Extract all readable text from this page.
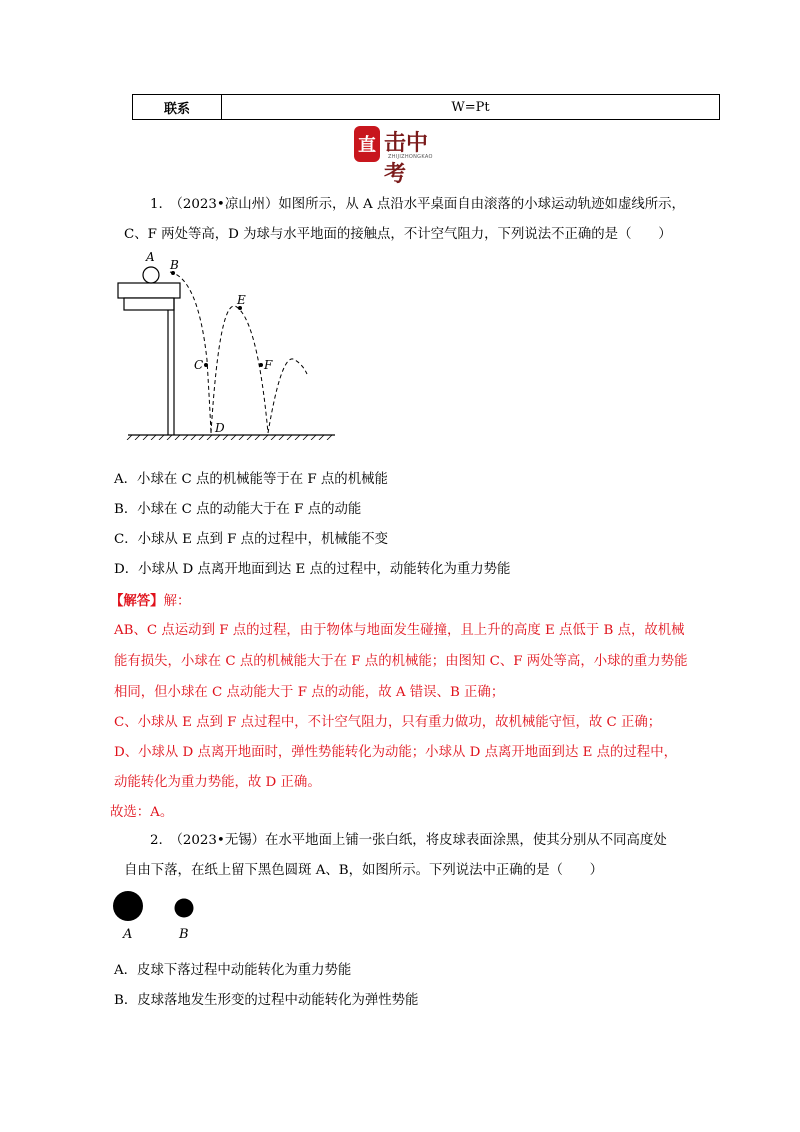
联系	W=Pt
直 击中考
ZHIJIZHONGKAO
1.　（2023•凉山州）如图所示，从 A 点沿水平桌面自由滚落的小球运动轨迹如虚线所示，
C、F 两处等高，D 为球与水平地面的接触点，不计空气阻力，下列说法不正确的是（　　）
A
B
C
D
E
F
A．小球在 C 点的机械能等于在 F 点的机械能
B．小球在 C 点的动能大于在 F 点的动能
C．小球从 E 点到 F 点的过程中，机械能不变
D．小球从 D 点离开地面到达 E 点的过程中，动能转化为重力势能
【解答】解：
AB、C 点运动到 F 点的过程，由于物体与地面发生碰撞，且上升的高度 E 点低于 B 点，故机械
能有损失，小球在 C 点的机械能大于在 F 点的机械能；由图知 C、F 两处等高，小球的重力势能
相同，但小球在 C 点动能大于 F 点的动能，故 A 错误、B 正确；
C、小球从 E 点到 F 点过程中，不计空气阻力，只有重力做功，故机械能守恒，故 C 正确；
D、小球从 D 点离开地面时，弹性势能转化为动能；小球从 D 点离开地面到达 E 点的过程中，
动能转化为重力势能，故 D 正确。
故选：A。
2.　（2023•无锡）在水平地面上铺一张白纸，将皮球表面涂黑，使其分别从不同高度处
自由下落，在纸上留下黑色圆斑 A、B，如图所示。下列说法中正确的是（　　）
A	B
A．皮球下落过程中动能转化为重力势能
B．皮球落地发生形变的过程中动能转化为弹性势能
